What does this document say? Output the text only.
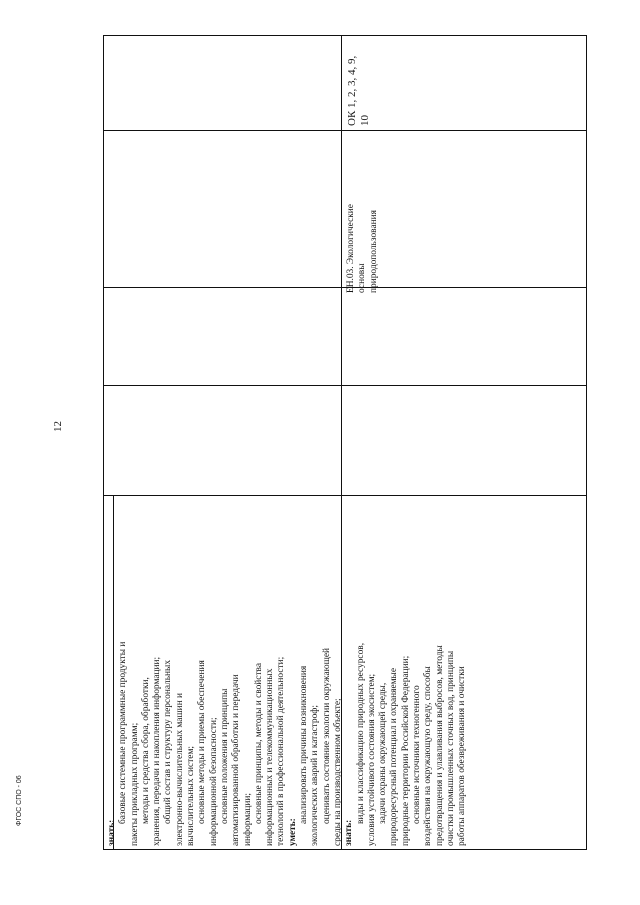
12
ФГОС СПО - 06
знать:
базовые системные программные продукты и пакеты прикладных программ; методы и средства сбора, обработки, хранения, передачи и накопления информации; общий состав и структуру персональных электронно-вычислительных машин и вычислительных систем; основные методы и приемы обеспечения информационной безопасности; основные положения и принципы автоматизированной обработки и передачи информации; основные принципы, методы и свойства информационных и телекоммуникационных технологий в профессиональной деятельности; уметь:
анализировать причины возникновения экологических аварий и катастроф; оценивать состояние экологии окружающей среды на производственном объекте; знать:
виды и классификацию природных ресурсов, условия устойчивого состояния экосистем; задачи охраны окружающей среды, природоресурсный потенциал и охраняемые природные территории Российской Федерации; основные источники техногенного воздействия на окружающую среду, способы предотвращения и улавливания выбросов, методы очистки промышленных сточных вод, принципы работы аппаратов обезвреживания и очистки
ЕН.03. Экологические основы природопользования
ОК 1, 2, 3, 4, 9, 10
